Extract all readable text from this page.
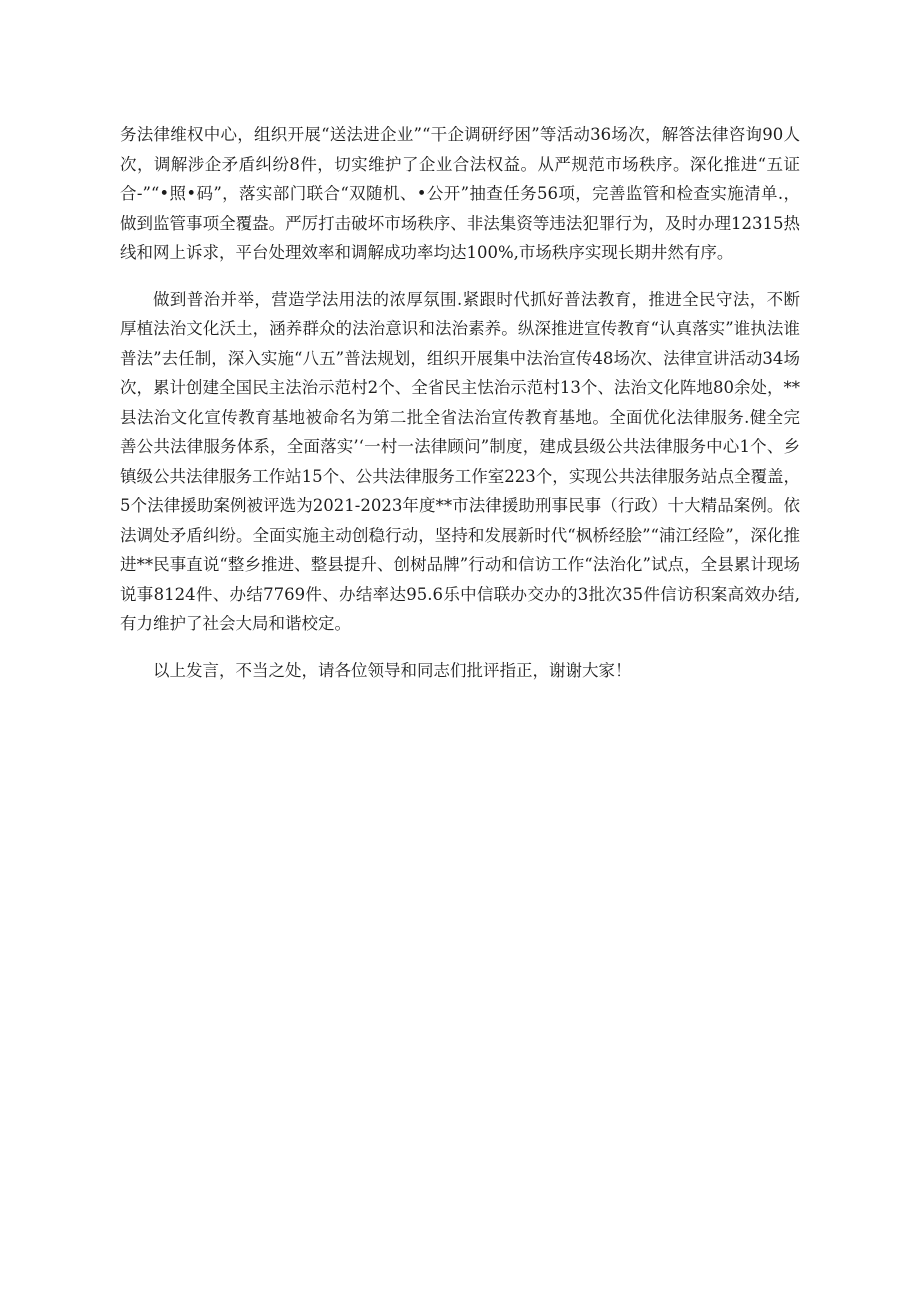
务法律维权中心，组织开展“送法进企业”“干企调研纾困”等活动36场次，解答法律咨询90人次，调解涉企矛盾纠纷8件，切实维护了企业合法权益。从严规范市场秩序。深化推进“五证合-”“•照•码”，落实部门联合“双随机、•公开”抽查任务56项，完善监管和检查实施清单.，做到监管事项全覆盎。严厉打击破坏市场秩序、非法集资等违法犯罪行为，及时办理12315热线和网上诉求，平台处理效率和调解成功率均达100%,市场秩序实现长期井然有序。

做到普治并举，营造学法用法的浓厚氛围.紧跟时代抓好普法教育，推进全民守法，不断厚植法治文化沃土，涵养群众的法治意识和法治素养。纵深推进宣传教育“认真落实”谁执法谁普法”去任制，深入实施“八五”普法规划，组织开展集中法治宣传48场次、法律宣讲活动34场次，累计创建全国民主法治示范村2个、全省民主怯治示范村13个、法治文化阵地80余处，**县法治文化宣传教育基地被命名为第二批全省法治宣传教育基地。全面优化法律服务.健全完善公共法律服务体系，全面落实’‘一村一法律顾问”制度，建成县级公共法律服务中心1个、乡镇级公共法律服务工作站15个、公共法律服务工作室223个，实现公共法律服务站点全覆盖，5个法律援助案例被评选为2021-2023年度**市法律援助刑事民事（行政）十大精品案例。依法调处矛盾纠纷。全面实施主动创稳行动，坚持和发展新时代“枫桥经脍”“浦江经险”，深化推进**民事直说“整乡推进、整县提升、创树品牌”行动和信访工作“法治化”试点，全县累计现场说事8124件、办结7769件、办结率达95.6乐中信联办交办的3批次35件信访积案高效办结,有力维护了社会大局和谐校定。

以上发言，不当之处，请各位领导和同志们批评指正，谢谢大家！
